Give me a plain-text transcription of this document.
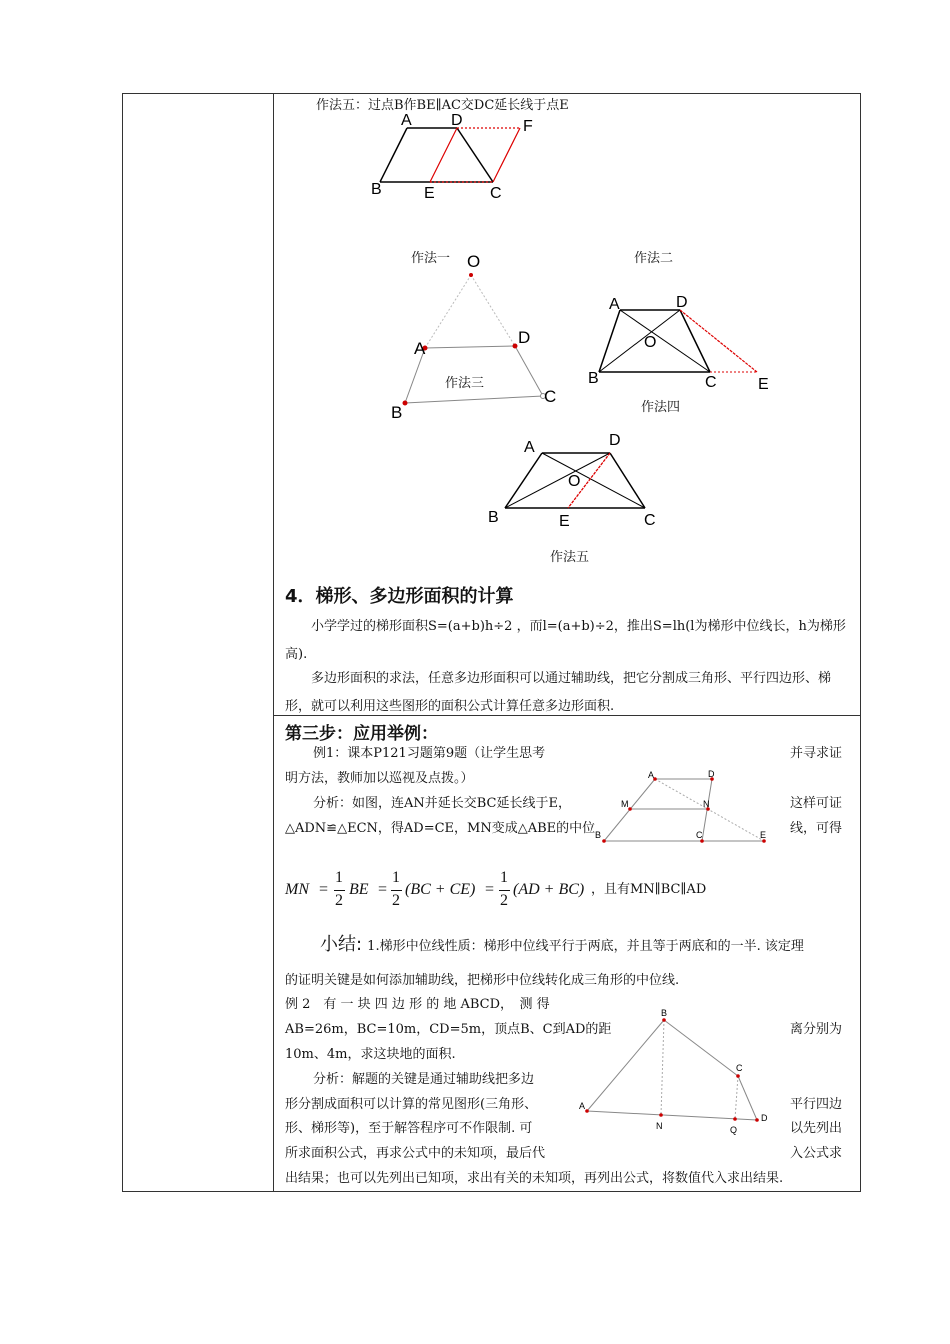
作法五：过点B作BE∥AC交DC延长线于点E
A D	F
B	E	C
作法一	作法二
O
A
D
C
B
作法三
A	D
O
B	C	E
作法四
A	D
O
B	E	C
作法五
4．梯形、多边形面积的计算
小学学过的梯形面积S=(a+b)h÷2 ，而l=(a+b)÷2，推出S=lh(l为梯形中位线长，h为梯形高).
多边形面积的求法，任意多边形面积可以通过辅助线，把它分割成三角形、平行四边形、梯形，就可以利用这些图形的面积公式计算任意多边形面积.
第三步：应用举例：
例1：课本P121习题第9题（让学生思考	并寻求证
明方法，教师加以巡视及点拨。）
分析：如图，连AN并延长交BC延长线于E，	这样可证
△ADN≌△ECN，得AD=CE，MN变成△ABE的中位	线，可得
A	D
M	N
B	C	E
MN =
1
2
BE =
1
2
(BC + CE) =
1
2
(AD + BC) ，且有MN∥BC∥AD
小结: 1.梯形中位线性质：梯形中位线平行于两底，并且等于两底和的一半. 该定理
的证明关键是如何添加辅助线，把梯形中位线转化成三角形的中位线.
例 2　有 一 块 四 边 形 的 地 ABCD，　测 得
AB=26m，BC=10m，CD=5m，顶点B、C到AD的距	离分别为
10m、4m，求这块地的面积.
分析：解题的关键是通过辅助线把多边
形分割成面积可以计算的常见图形(三角形、	平行四边
形、梯形等)，至于解答程序可不作限制. 可	以先列出
所求面积公式，再求公式中的未知项，最后代	入公式求
出结果；也可以先列出已知项，求出有关的未知项，再列出公式，将数值代入求出结果.
A
B
C
D
N	Q
